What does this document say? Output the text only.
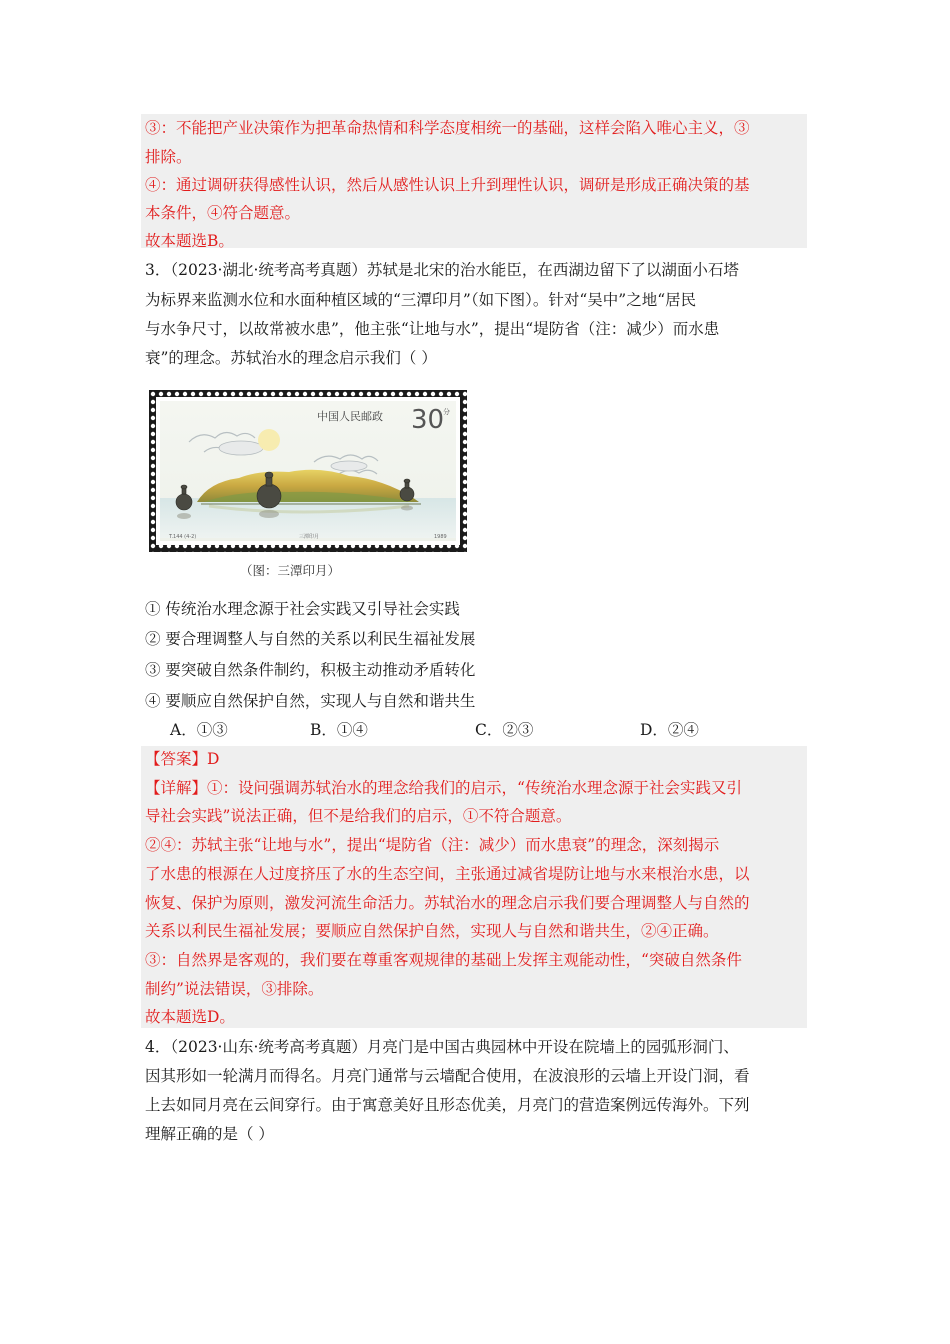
③：不能把产业决策作为把革命热情和科学态度相统一的基础，这样会陷入唯心主义，③
排除。
④：通过调研获得感性认识，然后从感性认识上升到理性认识，调研是形成正确决策的基
本条件，④符合题意。
故本题选B。
3．（2023·湖北·统考高考真题）苏轼是北宋的治水能臣，在西湖边留下了以湖面小石塔
为标界来监测水位和水面种植区域的“三潭印月”（如下图）。针对“吴中”之地“居民
与水争尺寸，以故常被水患”，他主张“让地与水”，提出“堤防省（注：减少）而水患
衰”的理念。苏轼治水的理念启示我们（ ）
中国人民邮政 30
分
T.144 (4-2)	三潭印月	1989
（图：三潭印月）
① 传统治水理念源于社会实践又引导社会实践
② 要合理调整人与自然的关系以利民生福祉发展
③ 要突破自然条件制约，积极主动推动矛盾转化
④ 要顺应自然保护自然，实现人与自然和谐共生
A．①③	B．①④	C．②③	D．②④
【答案】D
【详解】①：设问强调苏轼治水的理念给我们的启示，“传统治水理念源于社会实践又引
导社会实践”说法正确，但不是给我们的启示，①不符合题意。
②④：苏轼主张“让地与水”，提出“堤防省（注：减少）而水患衰”的理念，深刻揭示
了水患的根源在人过度挤压了水的生态空间，主张通过减省堤防让地与水来根治水患，以
恢复、保护为原则，激发河流生命活力。苏轼治水的理念启示我们要合理调整人与自然的
关系以利民生福祉发展；要顺应自然保护自然，实现人与自然和谐共生，②④正确。
③：自然界是客观的，我们要在尊重客观规律的基础上发挥主观能动性，“突破自然条件
制约”说法错误，③排除。
故本题选D。
4．（2023·山东·统考高考真题）月亮门是中国古典园林中开设在院墙上的园弧形洞门、
因其形如一轮满月而得名。月亮门通常与云墙配合使用，在波浪形的云墙上开设门洞，看
上去如同月亮在云间穿行。由于寓意美好且形态优美，月亮门的营造案例远传海外。下列
理解正确的是（ ）
